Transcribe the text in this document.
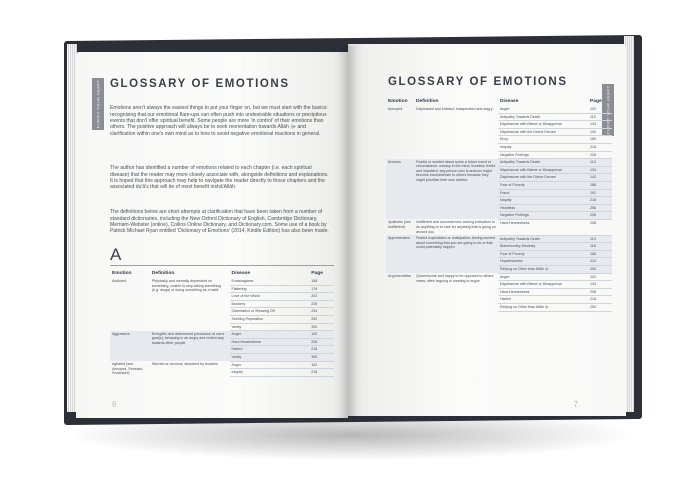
PURIFY YOUR HEART GLOSSARY OF EMOTIONS

Emotions aren't always the easiest things to put your finger on, but we must start with the basics: recognising that our emotional flare-ups can often push into undesirable situations or precipitous events that don't offer spiritual benefit. Some people are more 'in control' of their emotions than others. The positive approach will always be to seek reorientation towards Allāh ﷻ and clarification within one's own mind as to how to avoid negative emotional reactions in general.

The author has identified a number of emotions related to each chapter (i.e. each spiritual disease) that the reader may more closely associate with, alongside definitions and explanations. It is hoped that this approach may help to navigate the reader directly to those chapters and the associated du'ā's that will be of most benefit inshā'Allāh.

The definitions below are short attempts at clarification that have been taken from a number of standard dictionaries, including the New Oxford Dictionary of English, Cambridge Dictionary, Merriam-Webster (online), Collins Online Dictionary, and Dictionary.com. Some use of a book by Patrick Michael Ryan entitled 'Dictionary of Emotions' (2014, Kindle Edition) has also been made.

A
Emotion	Definition	Disease	Page
Addicted	Physically and mentally dependent on something, unable to stop taking something (e.g. drugs) or doing something as a habit	Extravagance	168
		Flattering	176
		Love of the World	202
		Mockery	226
		Ostentation or Showing Off	234
		Seeking Reputation	262
		Vanity	300
Aggressive	Energetic and determined pursuance of one's goal(s); behaving in an angry and violent way towards other people	Anger	102
		Hard-Heartedness	208
		Hatred	218
		Vanity	300
Agitated (see Annoyed, Stressed, Frustrated)	Worried or nervous; disturbed by troubles	Anger	102
		Iniquity	218
6
PURIFY YOUR HEART
GLOSSARY OF EMOTIONS
Emotion	Definition	Disease	Page
Annoyed	Displeased and irritated; exasperated and angry	Anger	102
		Antipathy Towards Death	110
		Displeasure with Blame or Disapproval	134
		Displeasure with the Divine Decree	142
		Envy	160
		Iniquity	218
		Negative Feelings	226
Anxious	Fearful or worried about some a future event or circumstance; uneasy in the mind; troubled, fretful and impatient; any person who is anxious might become inconsiderate to others because they might prioritise their own welfare	Antipathy Towards Death	110
		Displeasure with Blame or Disapproval	134
		Displeasure with the Divine Decree	142
		Fear of Poverty	186
		Fraud	192
		Iniquity	218
		Heartless	256
		Negative Feelings	226
Apathetic (see Indifferent)	Indifferent and unconcerned; lacking inclination to do anything or to care for anything that is going on around you	Hard-Heartedness	208
Apprehensive	Fearful expectation or anticipation; feeling worried about something that you are going to do or that could potentially happen	Antipathy Towards Death	110
		Blameworthy Modesty	118
		Fear of Poverty	186
		Hopelessness	214
		Relying on Other than Allāh ﷻ	254
Argumentative	Quarrelsome and happy to be opposed to others' views; often arguing or wanting to argue	Anger	102
		Displeasure with Blame or Disapproval	134
		Hard-Heartedness	208
		Hatred	218
		Relying on Other than Allāh ﷻ	254
7
